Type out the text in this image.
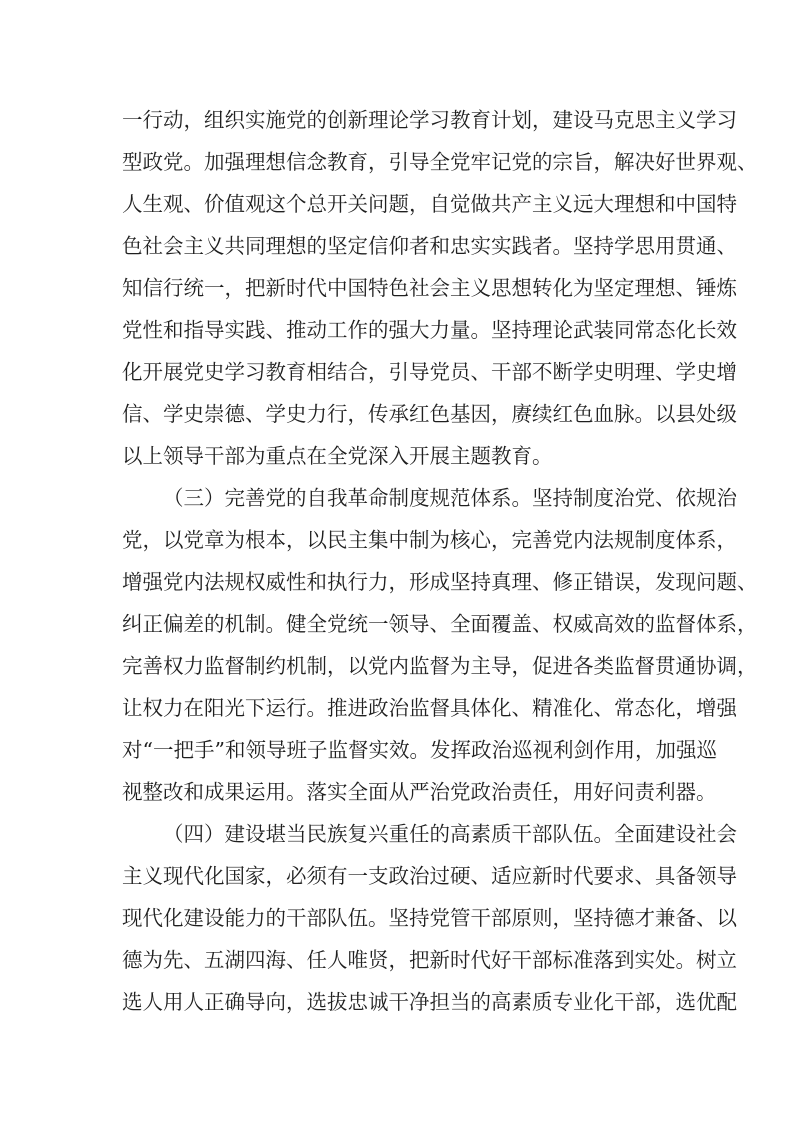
一行动，组织实施党的创新理论学习教育计划，建设马克思主义学习
型政党。加强理想信念教育，引导全党牢记党的宗旨，解决好世界观、
人生观、价值观这个总开关问题，自觉做共产主义远大理想和中国特
色社会主义共同理想的坚定信仰者和忠实实践者。坚持学思用贯通、
知信行统一，把新时代中国特色社会主义思想转化为坚定理想、锤炼
党性和指导实践、推动工作的强大力量。坚持理论武装同常态化长效
化开展党史学习教育相结合，引导党员、干部不断学史明理、学史增
信、学史崇德、学史力行，传承红色基因，赓续红色血脉。以县处级
以上领导干部为重点在全党深入开展主题教育。
（三）完善党的自我革命制度规范体系。坚持制度治党、依规治
党，以党章为根本，以民主集中制为核心，完善党内法规制度体系，
增强党内法规权威性和执行力，形成坚持真理、修正错误，发现问题、
纠正偏差的机制。健全党统一领导、全面覆盖、权威高效的监督体系，
完善权力监督制约机制，以党内监督为主导，促进各类监督贯通协调，
让权力在阳光下运行。推进政治监督具体化、精准化、常态化，增强
对“一把手”和领导班子监督实效。发挥政治巡视利剑作用，加强巡
视整改和成果运用。落实全面从严治党政治责任，用好问责利器。
（四）建设堪当民族复兴重任的高素质干部队伍。全面建设社会
主义现代化国家，必须有一支政治过硬、适应新时代要求、具备领导
现代化建设能力的干部队伍。坚持党管干部原则，坚持德才兼备、以
德为先、五湖四海、任人唯贤，把新时代好干部标准落到实处。树立
选人用人正确导向，选拔忠诚干净担当的高素质专业化干部，选优配
